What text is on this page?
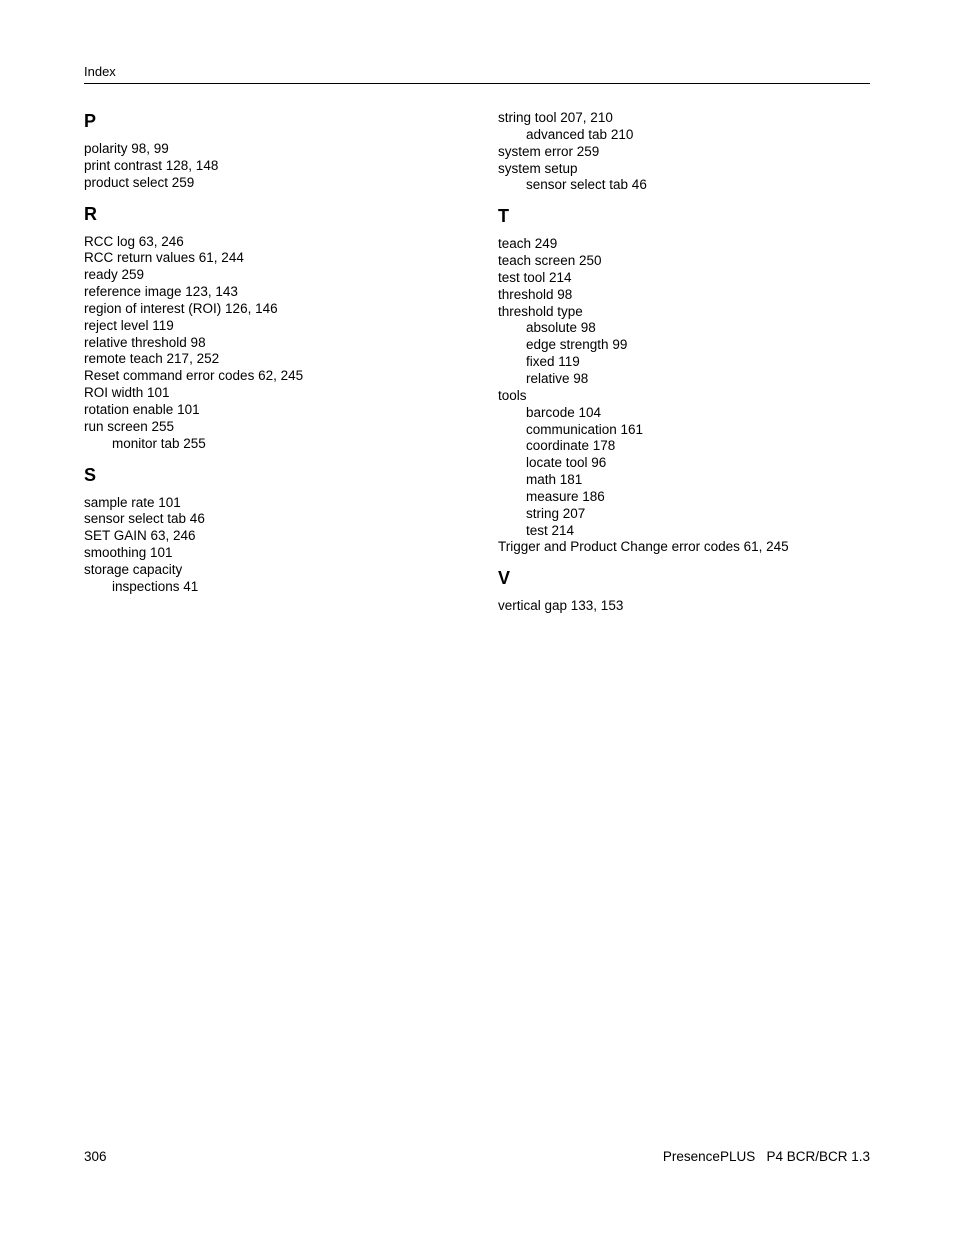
Index
P
polarity 98, 99
print contrast 128, 148
product select 259
R
RCC log 63, 246
RCC return values 61, 244
ready 259
reference image 123, 143
region of interest (ROI) 126, 146
reject level 119
relative threshold 98
remote teach 217, 252
Reset command error codes 62, 245
ROI width 101
rotation enable 101
run screen 255
monitor tab 255
S
sample rate 101
sensor select tab 46
SET GAIN 63, 246
smoothing 101
storage capacity
inspections 41
string tool 207, 210
advanced tab 210
system error 259
system setup
sensor select tab 46
T
teach 249
teach screen 250
test tool 214
threshold 98
threshold type
absolute 98
edge strength 99
fixed 119
relative 98
tools
barcode 104
communication 161
coordinate 178
locate tool 96
math 181
measure 186
string 207
test 214
Trigger and Product Change error codes 61, 245
V
vertical gap 133, 153
306	PresencePLUS   P4 BCR/BCR 1.3
